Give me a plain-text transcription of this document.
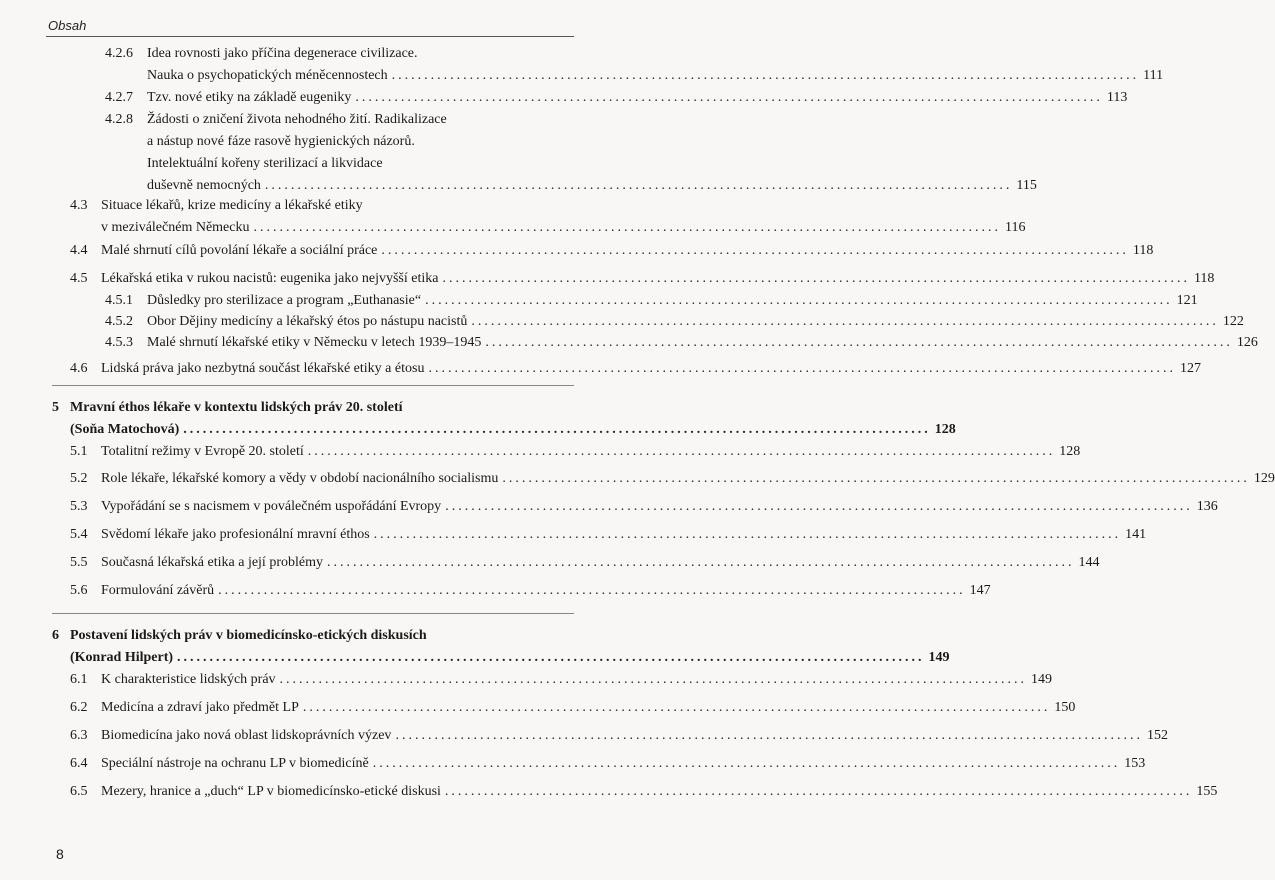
Obsah
4.2.6 Idea rovnosti jako příčina degenerace civilizace.
Nauka o psychopatických méněcennostech ................................................................................................................... 111
4.2.7 Tzv. nové etiky na základě eugeniky ................................................................................................................... 113
4.2.8 Žádosti o zničení života nehodného žití. Radikalizace
a nástup nové fáze rasově hygienických názorů.
Intelektuální kořeny sterilizací a likvidace
duševně nemocných ................................................................................................................... 115
4.3 Situace lékařů, krize medicíny a lékařské etiky
v meziválečném Německu ................................................................................................................... 116
4.4 Malé shrnutí cílů povolání lékaře a sociální práce ................................................................................................................... 118
4.5 Lékařská etika v rukou nacistů: eugenika jako nejvyšší etika ................................................................................................................... 118
4.5.1 Důsledky pro sterilizace a program „Euthanasie“ ................................................................................................................... 121
4.5.2 Obor Dějiny medicíny a lékařský étos po nástupu nacistů ................................................................................................................... 122
4.5.3 Malé shrnutí lékařské etiky v Německu v letech 1939–1945 ................................................................................................................... 126
4.6 Lidská práva jako nezbytná součást lékařské etiky a étosu ................................................................................................................... 127
5 Mravní éthos lékaře v kontextu lidských práv 20. století
(Soňa Matochová) ................................................................................................................... 128
5.1 Totalitní režimy v Evropě 20. století ................................................................................................................... 128
5.2 Role lékaře, lékařské komory a vědy v období nacionálního socialismu ................................................................................................................... 129
5.3 Vypořádání se s nacismem v poválečném uspořádání Evropy ................................................................................................................... 136
5.4 Svědomí lékaře jako profesionální mravní éthos ................................................................................................................... 141
5.5 Současná lékařská etika a její problémy ................................................................................................................... 144
5.6 Formulování závěrů ................................................................................................................... 147
6 Postavení lidských práv v biomedicínsko-etických diskusích
(Konrad Hilpert) ................................................................................................................... 149
6.1 K charakteristice lidských práv ................................................................................................................... 149
6.2 Medicína a zdraví jako předmět LP ................................................................................................................... 150
6.3 Biomedicína jako nová oblast lidskoprávních výzev ................................................................................................................... 152
6.4 Speciální nástroje na ochranu LP v biomedicíně ................................................................................................................... 153
6.5 Mezery, hranice a „duch“ LP v biomedicínsko-etické diskusi ................................................................................................................... 155
8
